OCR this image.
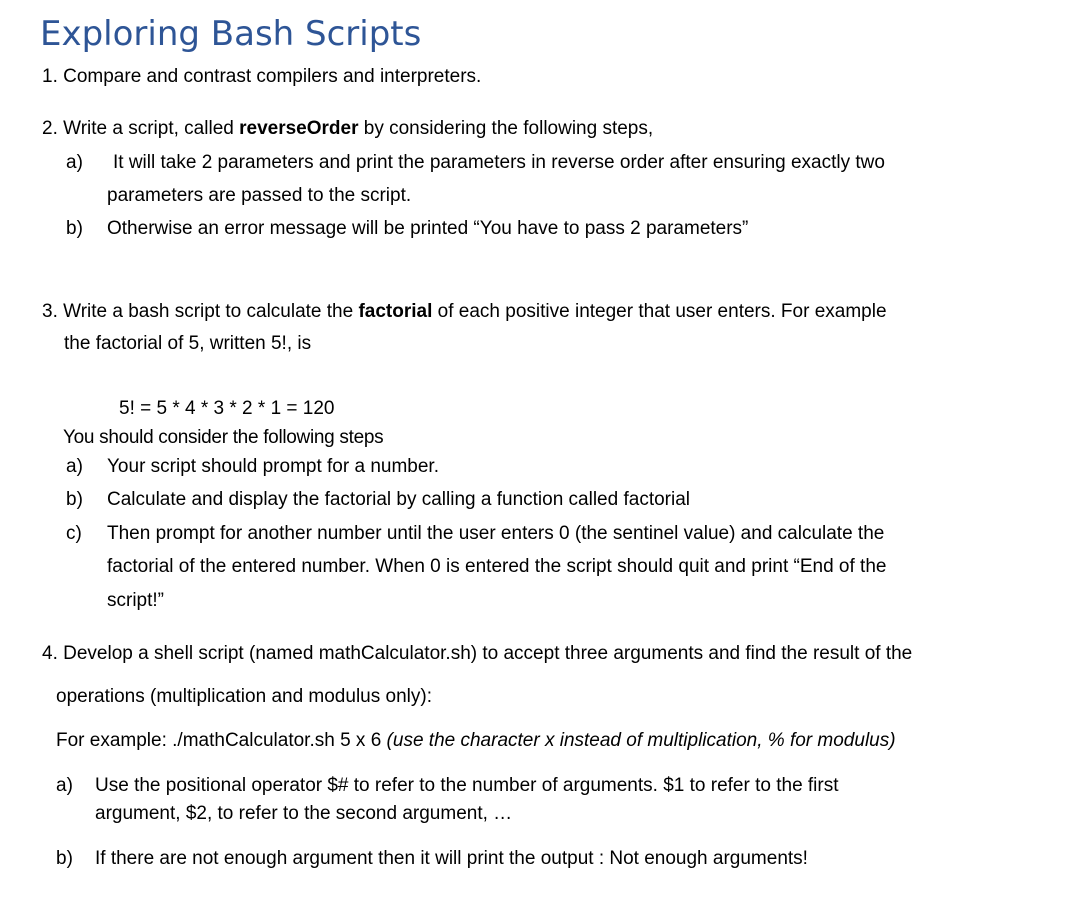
Exploring Bash Scripts
1. Compare and contrast compilers and interpreters.
2. Write a script, called reverseOrder by considering the following steps,
a) It will take 2 parameters and print the parameters in reverse order after ensuring exactly two
parameters are passed to the script.
b) Otherwise an error message will be printed “You have to pass 2 parameters”
3. Write a bash script to calculate the factorial of each positive integer that user enters. For example
the factorial of 5, written 5!, is
5! = 5 * 4 * 3 * 2 * 1 = 120
You should consider the following steps
a) Your script should prompt for a number.
b) Calculate and display the factorial by calling a function called factorial
c) Then prompt for another number until the user enters 0 (the sentinel value) and calculate the
factorial of the entered number. When 0 is entered the script should quit and print “End of the
script!”
4. Develop a shell script (named mathCalculator.sh) to accept three arguments and find the result of the
operations (multiplication and modulus only):
For example: ./mathCalculator.sh 5 x 6 (use the character x instead of multiplication, % for modulus)
a) Use the positional operator $# to refer to the number of arguments. $1 to refer to the first
argument, $2, to refer to the second argument, …
b) If there are not enough argument then it will print the output : Not enough arguments!
